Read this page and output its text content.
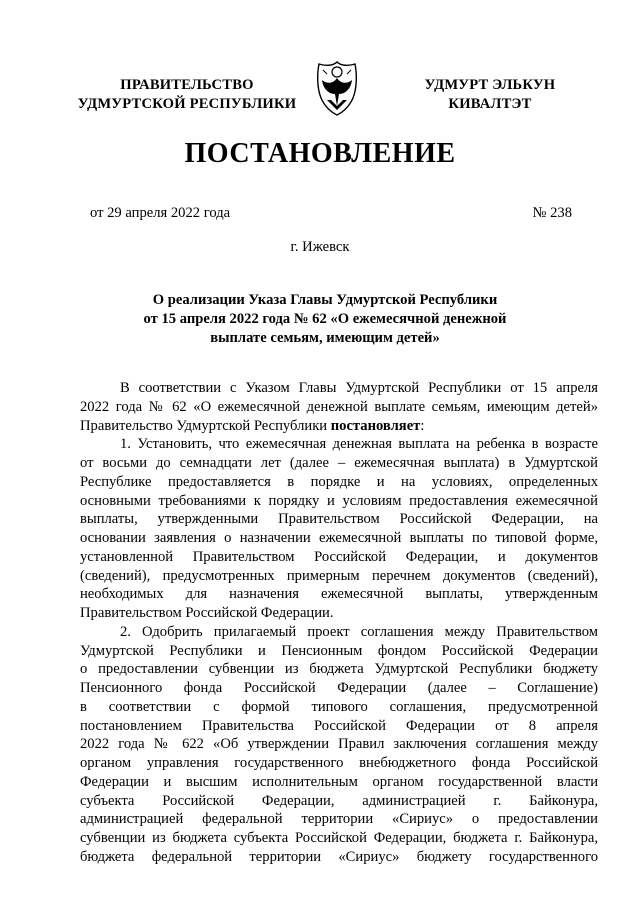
ПРАВИТЕЛЬСТВО
УДМУРТСКОЙ РЕСПУБЛИКИ
УДМУРТ ЭЛЬКУН
КИВАЛТЭТ
ПОСТАНОВЛЕНИЕ
от 29 апреля 2022 года	№ 238
г. Ижевск
О реализации Указа Главы Удмуртской Республики
от 15 апреля 2022 года № 62 «О ежемесячной денежной
выплате семьям, имеющим детей»
В соответствии с Указом Главы Удмуртской Республики от 15 апреля
2022 года № 62 «О ежемесячной денежной выплате семьям, имеющим детей»
Правительство Удмуртской Республики постановляет:
1. Установить, что ежемесячная денежная выплата на ребенка в возрасте
от восьми до семнадцати лет (далее – ежемесячная выплата) в Удмуртской
Республике предоставляется в порядке и на условиях, определенных
основными требованиями к порядку и условиям предоставления ежемесячной
выплаты, утвержденными Правительством Российской Федерации, на
основании заявления о назначении ежемесячной выплаты по типовой форме,
установленной Правительством Российской Федерации, и документов
(сведений), предусмотренных примерным перечнем документов (сведений),
необходимых для назначения ежемесячной выплаты, утвержденным
Правительством Российской Федерации.
2. Одобрить прилагаемый проект соглашения между Правительством
Удмуртской Республики и Пенсионным фондом Российской Федерации
о предоставлении субвенции из бюджета Удмуртской Республики бюджету
Пенсионного фонда Российской Федерации (далее – Соглашение)
в соответствии с формой типового соглашения, предусмотренной
постановлением Правительства Российской Федерации от 8 апреля
2022 года № 622 «Об утверждении Правил заключения соглашения между
органом управления государственного внебюджетного фонда Российской
Федерации и высшим исполнительным органом государственной власти
субъекта Российской Федерации, администрацией г. Байконура,
администрацией федеральной территории «Сириус» о предоставлении
субвенции из бюджета субъекта Российской Федерации, бюджета г. Байконура,
бюджета федеральной территории «Сириус» бюджету государственного
